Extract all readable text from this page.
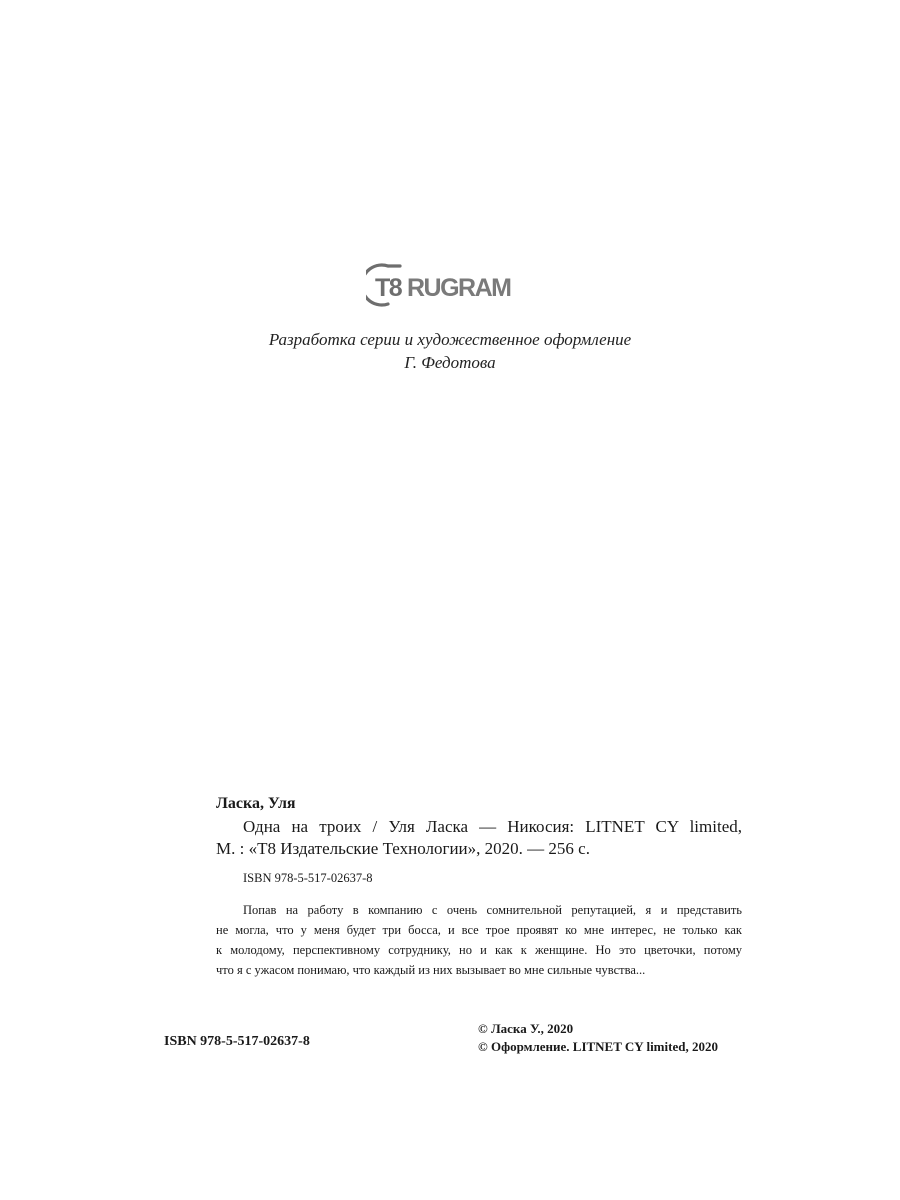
T8 RUGRAM
Разработка серии и художественное оформление
Г. Федотова
Ласка, Уля
Одна на троих / Уля Ласка — Никосия: LITNET CY limited,
М. : «Т8 Издательские Технологии», 2020. — 256 с.
ISBN 978-5-517-02637-8
Попав на работу в компанию с очень сомнительной репутацией, я и представить
не могла, что у меня будет три босса, и все трое проявят ко мне интерес, не только как
к молодому, перспективному сотруднику, но и как к женщине. Но это цветочки, потому
что я с ужасом понимаю, что каждый из них вызывает во мне сильные чувства...
ISBN 978-5-517-02637-8
© Ласка У., 2020
© Оформление. LITNET CY limited, 2020
